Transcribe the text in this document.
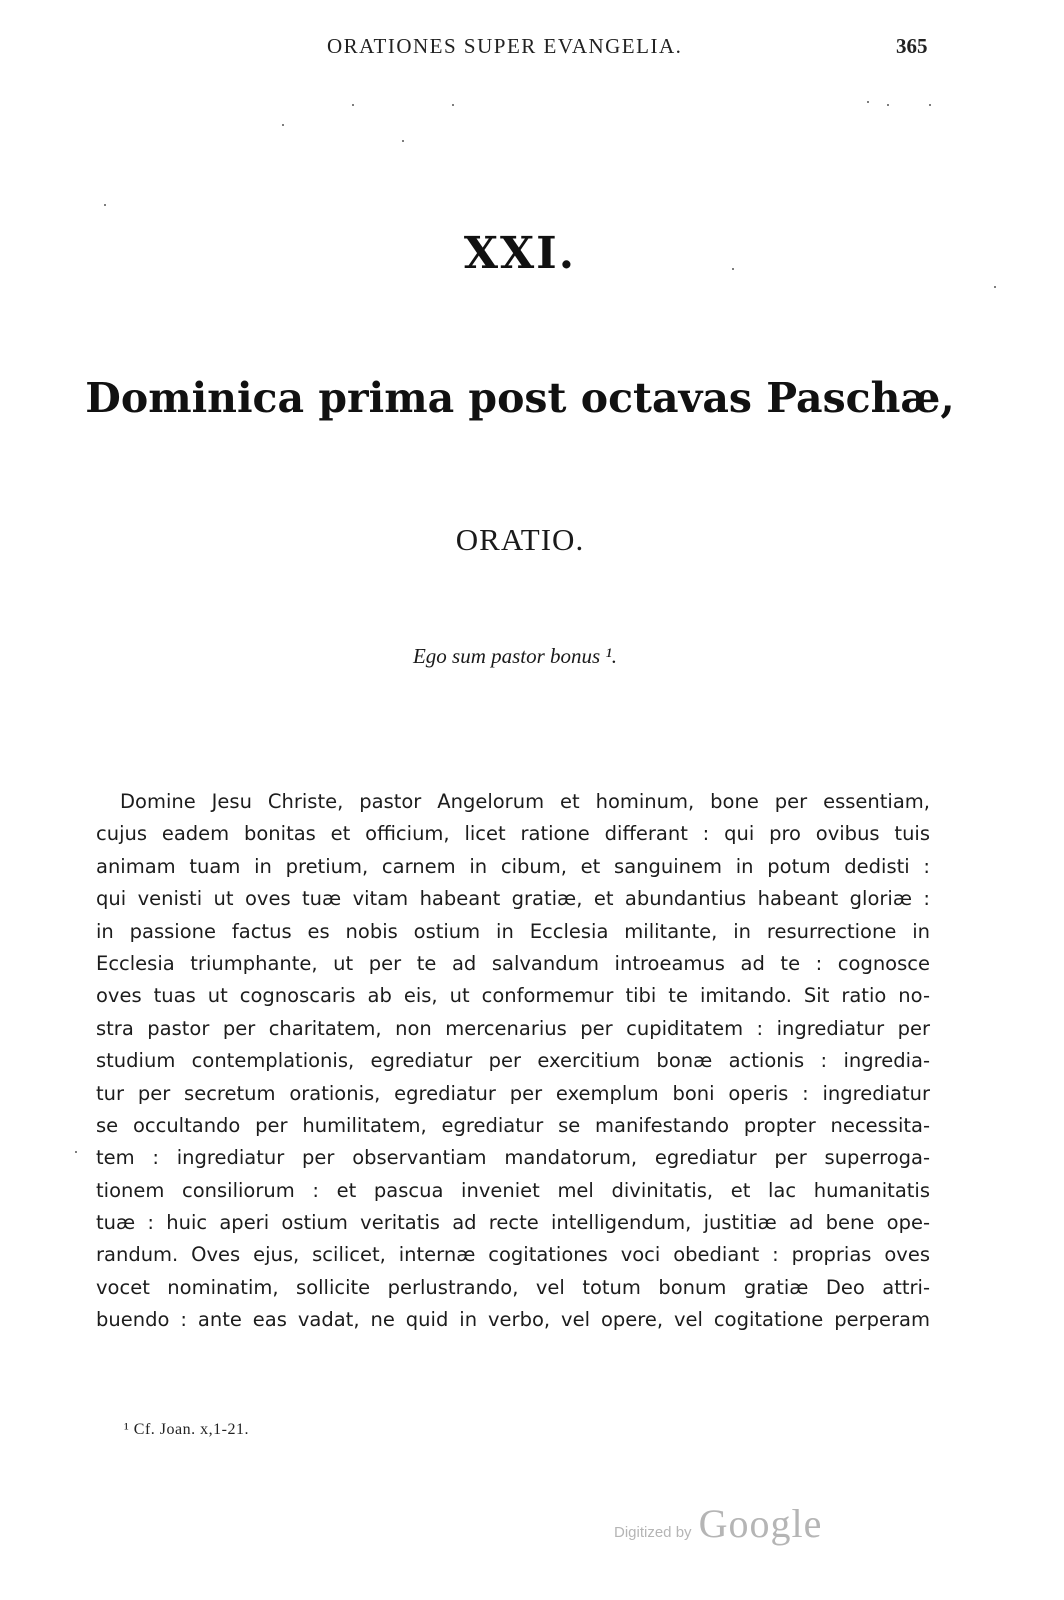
ORATIONES SUPER EVANGELIA.	365
XXI.
Dominica prima post octavas Paschæ,
ORATIO.
Ego sum pastor bonus ¹.
Domine Jesu Christe, pastor Angelorum et hominum, bone per essentiam,
cujus eadem bonitas et officium, licet ratione differant : qui pro ovibus tuis
animam tuam in pretium, carnem in cibum, et sanguinem in potum dedisti :
qui venisti ut oves tuæ vitam habeant gratiæ, et abundantius habeant gloriæ :
in passione factus es nobis ostium in Ecclesia militante, in resurrectione in
Ecclesia triumphante, ut per te ad salvandum introeamus ad te : cognosce
oves tuas ut cognoscaris ab eis, ut conformemur tibi te imitando. Sit ratio no-
stra pastor per charitatem, non mercenarius per cupiditatem : ingrediatur per
studium contemplationis, egrediatur per exercitium bonæ actionis : ingredia-
tur per secretum orationis, egrediatur per exemplum boni operis : ingrediatur
se occultando per humilitatem, egrediatur se manifestando propter necessita-
tem : ingrediatur per observantiam mandatorum, egrediatur per superroga-
tionem consiliorum : et pascua inveniet mel divinitatis, et lac humanitatis
tuæ : huic aperi ostium veritatis ad recte intelligendum, justitiæ ad bene ope-
randum. Oves ejus, scilicet, internæ cogitationes voci obediant : proprias oves
vocet nominatim, sollicite perlustrando, vel totum bonum gratiæ Deo attri-
buendo : ante eas vadat, ne quid in verbo, vel opere, vel cogitatione perperam
¹ Cf. Joan. x,1-21.
Digitized by Google
